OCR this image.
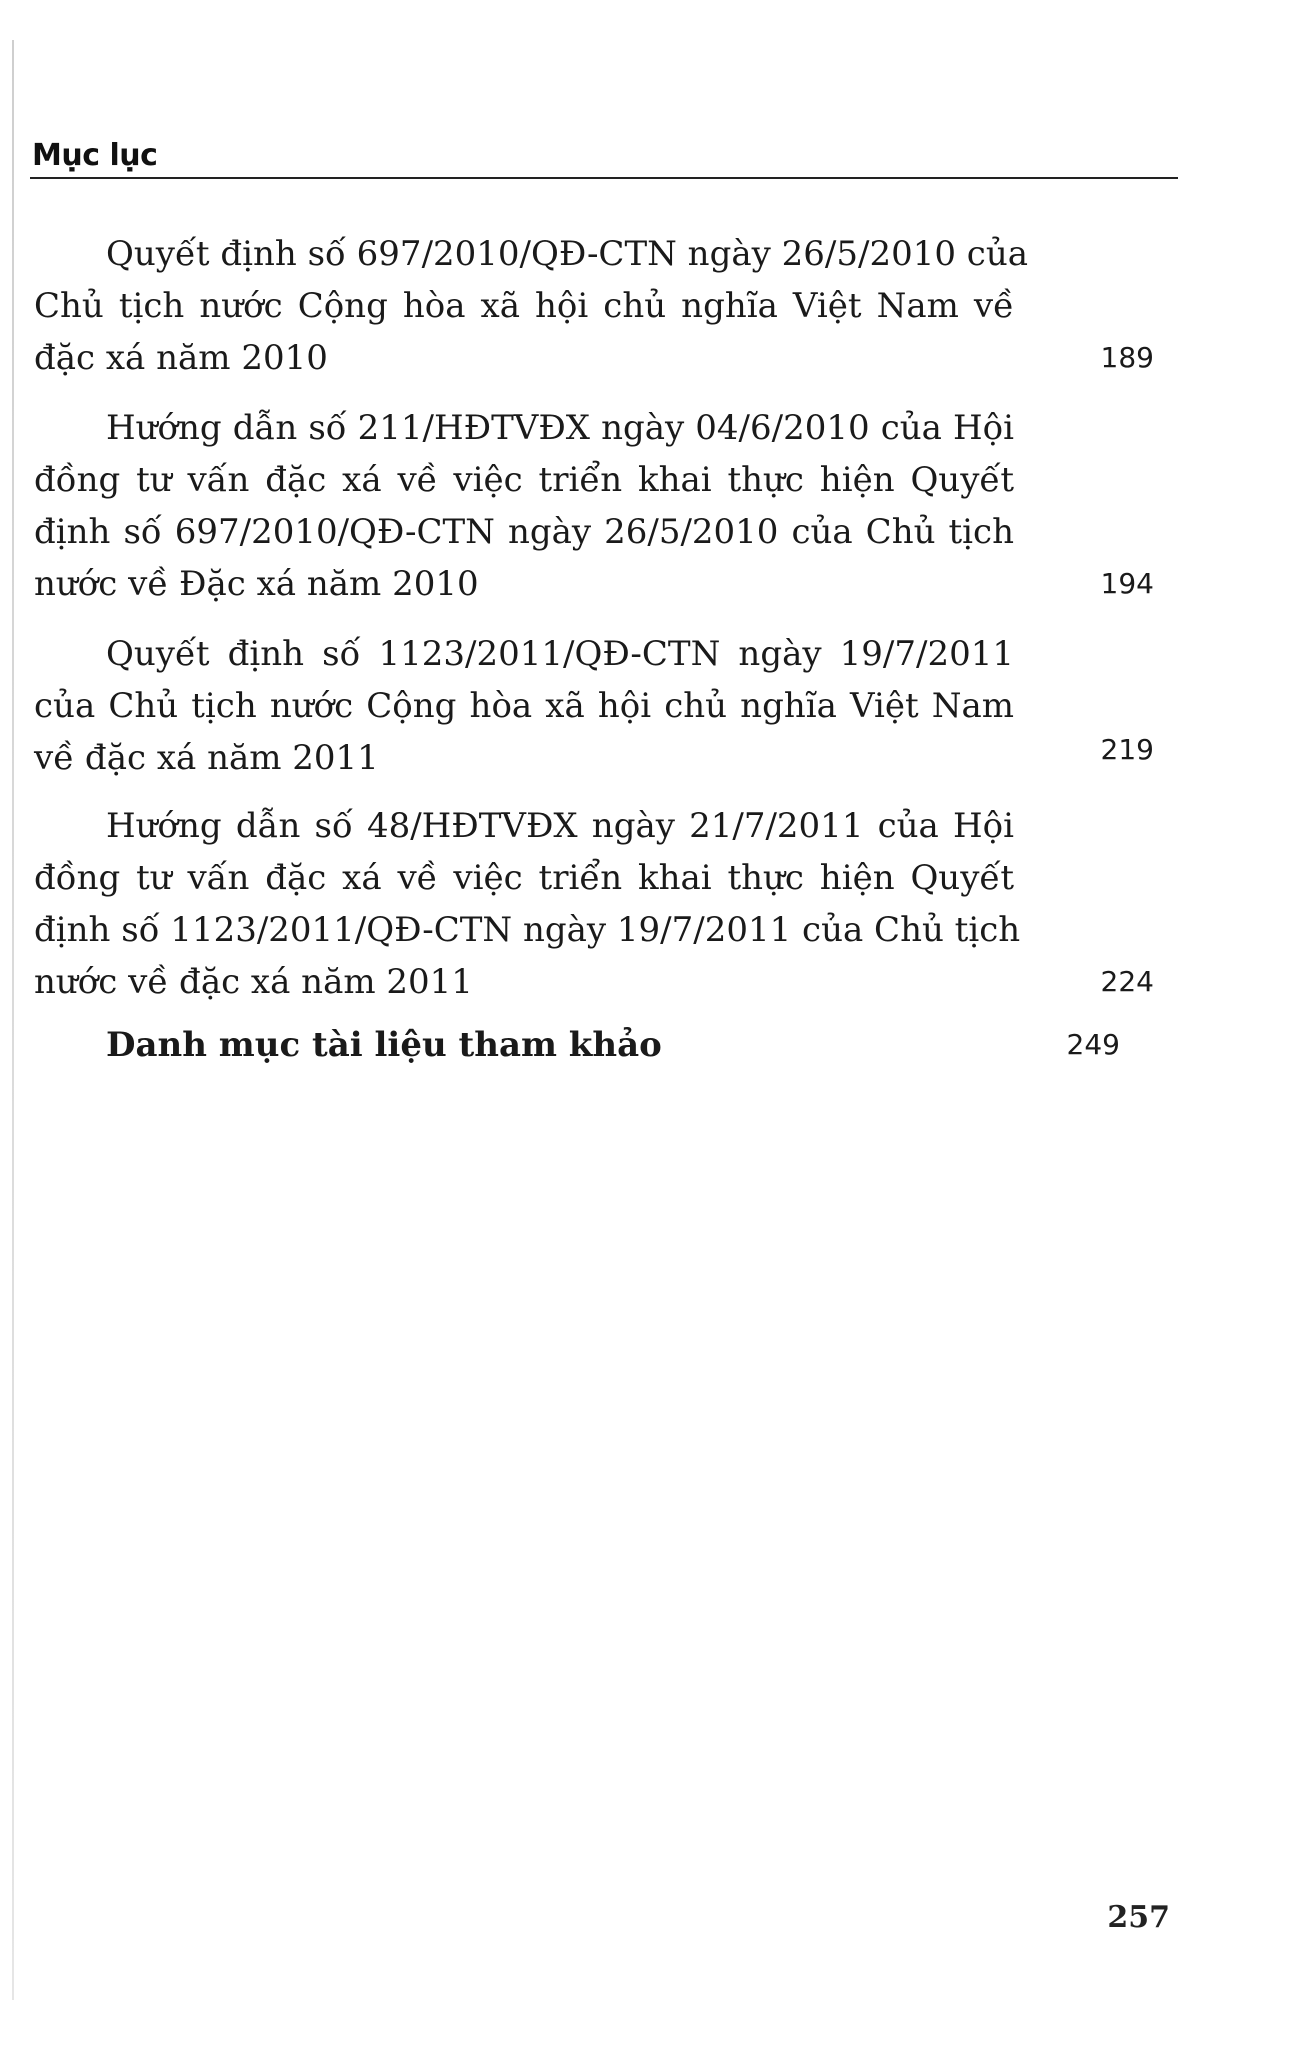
Mục lục
Quyết định số 697/2010/QĐ-CTN ngày 26/5/2010 của
Chủ tịch nước Cộng hòa xã hội chủ nghĩa Việt Nam về
đặc xá năm 2010	189
Hướng dẫn số 211/HĐTVĐX ngày 04/6/2010 của Hội
đồng tư vấn đặc xá về việc triển khai thực hiện Quyết
định số 697/2010/QĐ-CTN ngày 26/5/2010 của Chủ tịch
nước về Đặc xá năm 2010	194
Quyết định số 1123/2011/QĐ-CTN ngày 19/7/2011
của Chủ tịch nước Cộng hòa xã hội chủ nghĩa Việt Nam
về đặc xá năm 2011	219
Hướng dẫn số 48/HĐTVĐX ngày 21/7/2011 của Hội
đồng tư vấn đặc xá về việc triển khai thực hiện Quyết
định số 1123/2011/QĐ-CTN ngày 19/7/2011 của Chủ tịch
nước về đặc xá năm 2011	224
Danh mục tài liệu tham khảo	249
257
